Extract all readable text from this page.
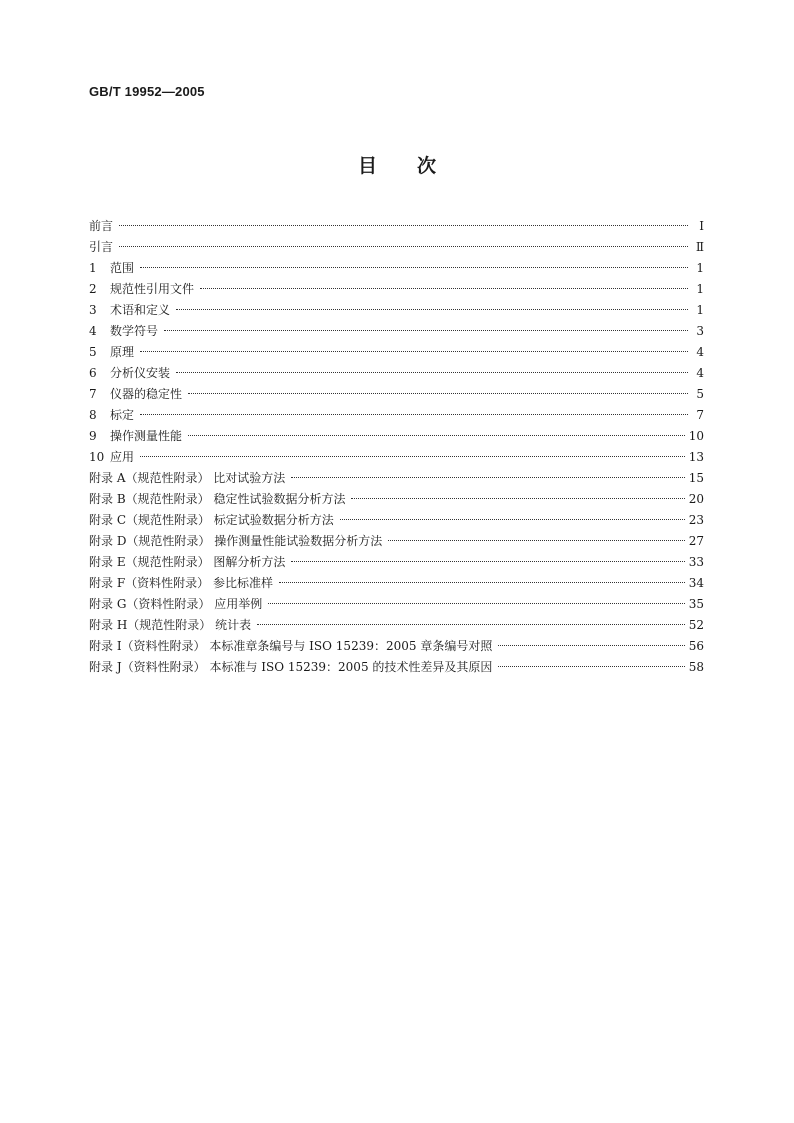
GB/T 19952—2005
目次
前言	Ⅰ
引言	Ⅱ
1 范围	1
2 规范性引用文件	1
3 术语和定义	1
4 数学符号	3
5 原理	4
6 分析仪安装	4
7 仪器的稳定性	5
8 标定	7
9 操作测量性能	10
10 应用	13
附录 A（规范性附录） 比对试验方法	15
附录 B（规范性附录） 稳定性试验数据分析方法	20
附录 C（规范性附录） 标定试验数据分析方法	23
附录 D（规范性附录） 操作测量性能试验数据分析方法	27
附录 E（规范性附录） 图解分析方法	33
附录 F（资料性附录） 参比标准样	34
附录 G（资料性附录） 应用举例	35
附录 H（规范性附录） 统计表	52
附录 I（资料性附录） 本标准章条编号与 ISO 15239：2005 章条编号对照	56
附录 J（资料性附录） 本标准与 ISO 15239：2005 的技术性差异及其原因	58
